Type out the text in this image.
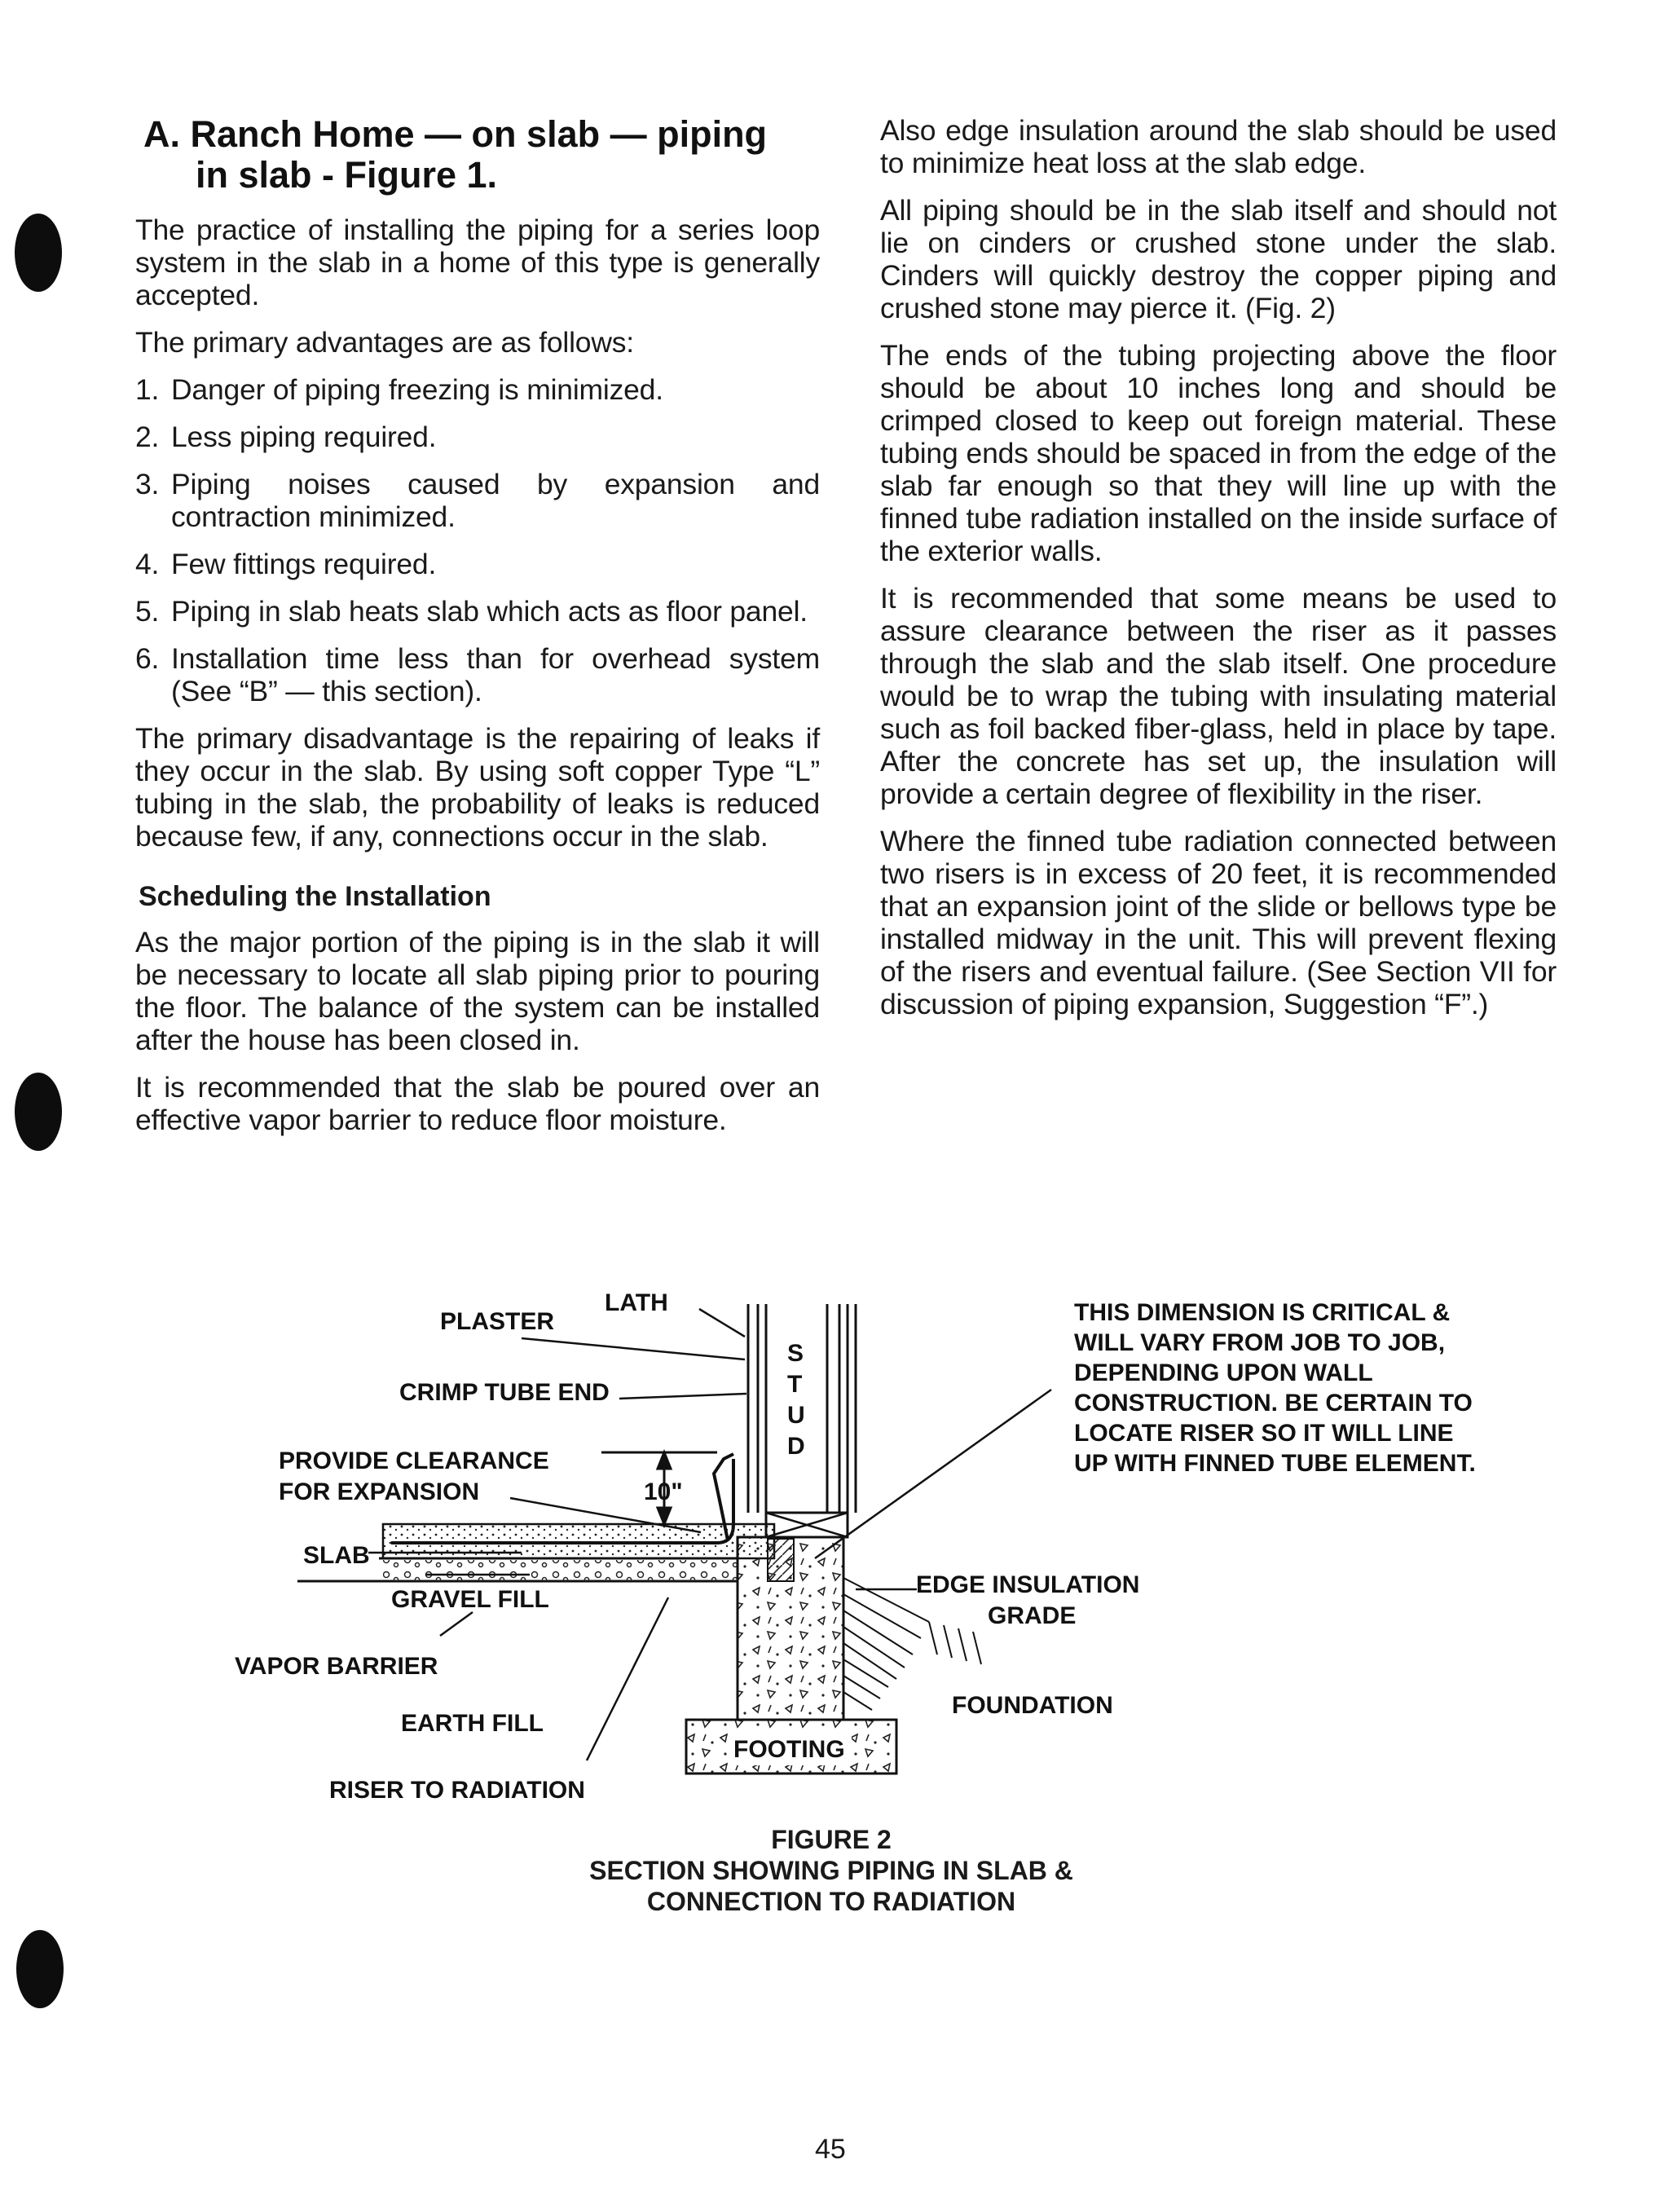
A. Ranch Home — on slab — piping
in slab - Figure 1.

The practice of installing the piping for a series loop system in the slab in a home of this type is generally accepted.

The primary advantages are as follows:

1. Danger of piping freezing is minimized.
2. Less piping required.
3. Piping noises caused by expansion and contraction minimized.
4. Few fittings required.
5. Piping in slab heats slab which acts as floor panel.
6. Installation time less than for overhead system (See “B” — this section).

The primary disadvantage is the repairing of leaks if they occur in the slab. By using soft copper Type “L” tubing in the slab, the probability of leaks is reduced because few, if any, connections occur in the slab.

Scheduling the Installation

As the major portion of the piping is in the slab it will be necessary to locate all slab piping prior to pouring the floor. The balance of the system can be installed after the house has been closed in.

It is recommended that the slab be poured over an effective vapor barrier to reduce floor moisture.

Also edge insulation around the slab should be used to minimize heat loss at the slab edge.

All piping should be in the slab itself and should not lie on cinders or crushed stone under the slab. Cinders will quickly destroy the copper piping and crushed stone may pierce it. (Fig. 2)

The ends of the tubing projecting above the floor should be about 10 inches long and should be crimped closed to keep out foreign material. These tubing ends should be spaced in from the edge of the slab far enough so that they will line up with the finned tube radiation installed on the inside surface of the exterior walls.

It is recommended that some means be used to assure clearance between the riser as it passes through the slab and the slab itself. One procedure would be to wrap the tubing with insulating material such as foil backed fiber-glass, held in place by tape. After the concrete has set up, the insulation will provide a certain degree of flexibility in the riser.

Where the finned tube radiation connected between two risers is in excess of 20 feet, it is recommended that an expansion joint of the slide or bellows type be installed midway in the unit. This will prevent flexing of the risers and eventual failure. (See Section VII for discussion of piping expansion, Suggestion “F”.)

LATH
PLASTER
CRIMP TUBE END
PROVIDE CLEARANCE
FOR EXPANSION	10"
SLAB
GRAVEL FILL
VAPOR BARRIER
EARTH FILL
RISER TO RADIATION
S
T
U
D
THIS DIMENSION IS CRITICAL & WILL VARY FROM JOB TO JOB, DEPENDING UPON WALL CONSTRUCTION. BE CERTAIN TO LOCATE RISER SO IT WILL LINE UP WITH FINNED TUBE ELEMENT.
EDGE INSULATION
GRADE
FOUNDATION
FOOTING
FIGURE 2
SECTION SHOWING PIPING IN SLAB &
CONNECTION TO RADIATION
45
